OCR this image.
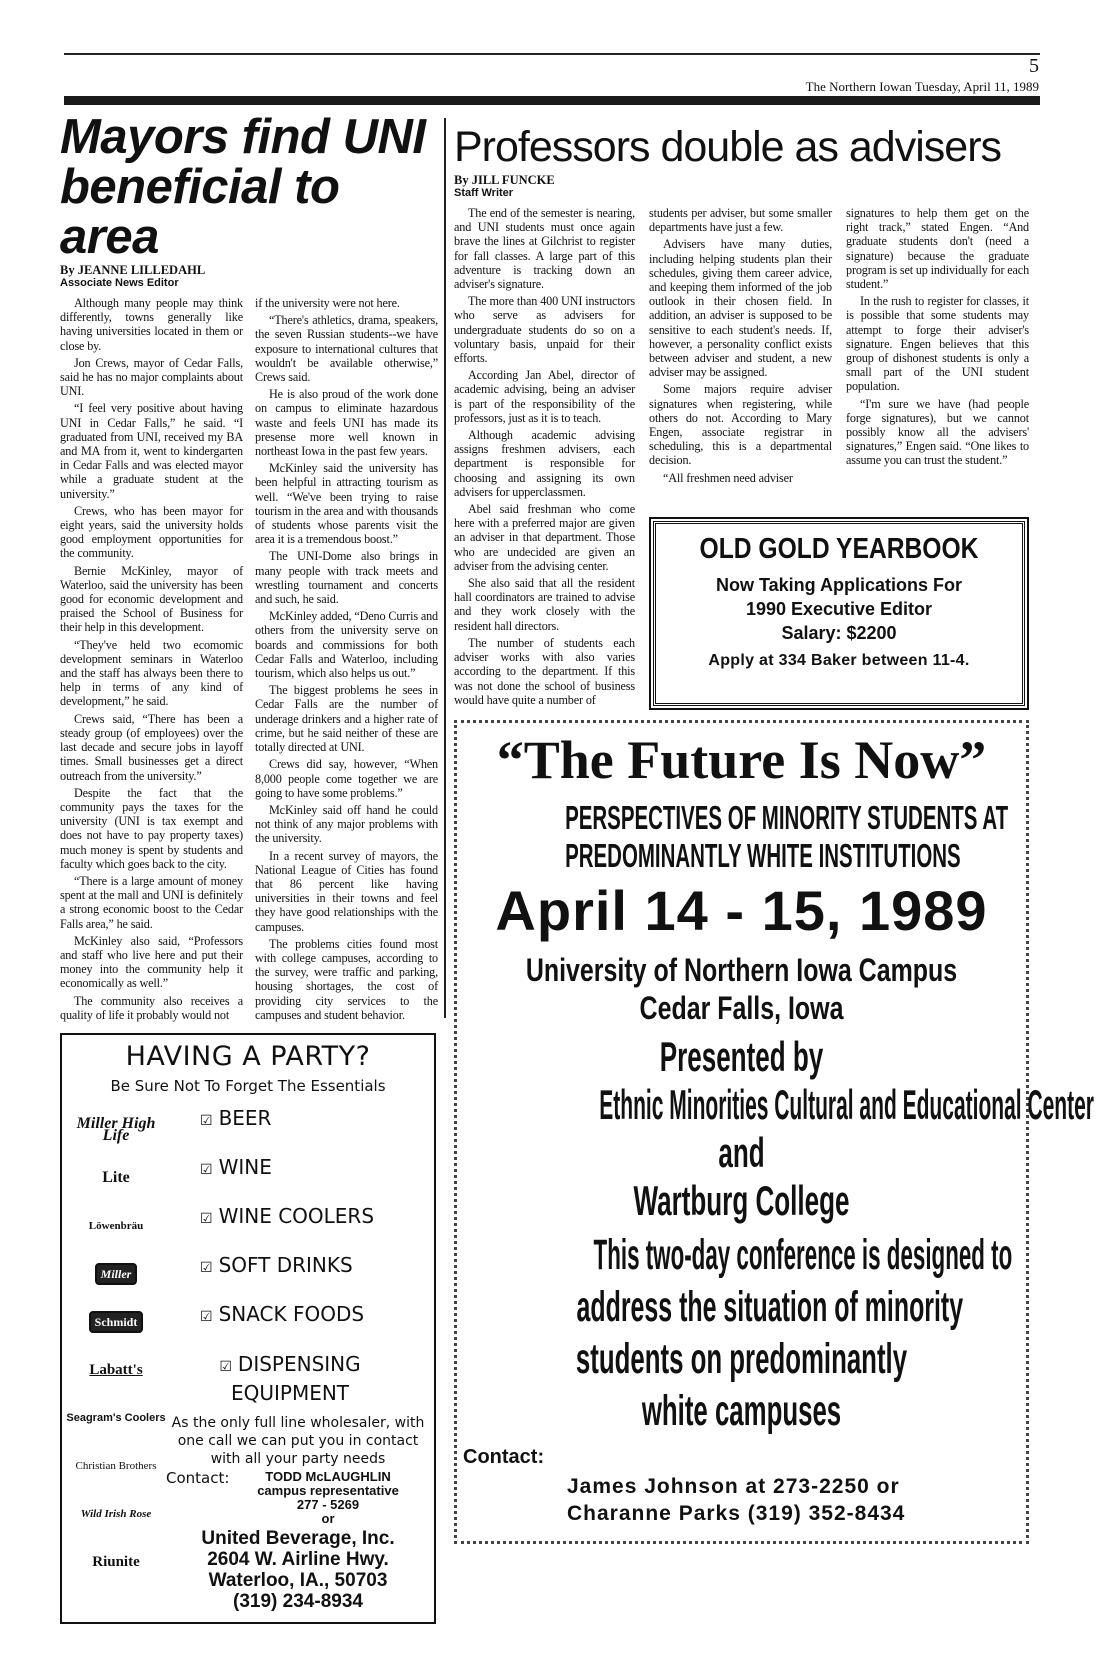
5
The Northern Iowan Tuesday, April 11, 1989
Mayors find UNI beneficial to area
By JEANNE LILLEDAHL
Associate News Editor

Although many people may think differently, towns generally like having universities located in them or close by.

Jon Crews, mayor of Cedar Falls, said he has no major complaints about UNI.

“I feel very positive about having UNI in Cedar Falls,” he said. “I graduated from UNI, received my BA and MA from it, went to kindergarten in Cedar Falls and was elected mayor while a graduate student at the university.”

Crews, who has been mayor for eight years, said the university holds good employment opportunities for the community.

Bernie McKinley, mayor of Waterloo, said the university has been good for economic development and praised the School of Business for their help in this development.

“They've held two ecomomic development seminars in Waterloo and the staff has always been there to help in terms of any kind of development,” he said.

Crews said, “There has been a steady group (of employees) over the last decade and secure jobs in layoff times. Small businesses get a direct outreach from the university.”

Despite the fact that the community pays the taxes for the university (UNI is tax exempt and does not have to pay property taxes) much money is spent by students and faculty which goes back to the city.

“There is a large amount of money spent at the mall and UNI is definitely a strong economic boost to the Cedar Falls area,” he said.

McKinley also said, “Professors and staff who live here and put their money into the community help it economically as well.”

The community also receives a quality of life it probably would not

if the university were not here.

“There's athletics, drama, speakers, the seven Russian students--we have exposure to international cultures that wouldn't be available otherwise,” Crews said.

He is also proud of the work done on campus to eliminate hazardous waste and feels UNI has made its presense more well known in northeast Iowa in the past few years.

McKinley said the university has been helpful in attracting tourism as well. “We've been trying to raise tourism in the area and with thousands of students whose parents visit the area it is a tremendous boost.”

The UNI-Dome also brings in many people with track meets and wrestling tournament and concerts and such, he said.

McKinley added, “Deno Curris and others from the university serve on boards and commissions for both Cedar Falls and Waterloo, including tourism, which also helps us out.”

The biggest problems he sees in Cedar Falls are the number of underage drinkers and a higher rate of crime, but he said neither of these are totally directed at UNI.

Crews did say, however, “When 8,000 people come together we are going to have some problems.”

McKinley said off hand he could not think of any major problems with the university.

In a recent survey of mayors, the National League of Cities has found that 86 percent like having universities in their towns and feel they have good relationships with the campuses.

The problems cities found most with college campuses, according to the survey, were traffic and parking, housing shortages, the cost of providing city services to the campuses and student behavior.

HAVING A PARTY?
Be Sure Not To Forget The Essentials
Miller High Life
Lite
Löwenbräu
Miller
Schmidt
Labatt's
Seagram's Coolers
Christian Brothers
Wild Irish Rose
Riunite
☑ BEER
☑ WINE
☑ WINE COOLERS
☑ SOFT DRINKS
☑ SNACK FOODS
☑ DISPENSING EQUIPMENT
As the only full line wholesaler, with one call we can put you in contact with all your party needs
Contact:	TODD McLAUGHLIN
campus representative
277 - 5269
or
United Beverage, Inc.
2604 W. Airline Hwy.
Waterloo, IA., 50703
(319) 234-8934
Professors double as advisers
By JILL FUNCKE
Staff Writer

The end of the semester is nearing, and UNI students must once again brave the lines at Gilchrist to register for fall classes. A large part of this adventure is tracking down an adviser's signature.

The more than 400 UNI instructors who serve as advisers for undergraduate students do so on a voluntary basis, unpaid for their efforts.

According Jan Abel, director of academic advising, being an adviser is part of the responsibility of the professors, just as it is to teach.

Although academic advising assigns freshmen advisers, each department is responsible for choosing and assigning its own advisers for upperclassmen.

Abel said freshman who come here with a preferred major are given an adviser in that department. Those who are undecided are given an adviser from the advising center.

She also said that all the resident hall coordinators are trained to advise and they work closely with the resident hall directors.

The number of students each adviser works with also varies according to the department. If this was not done the school of business would have quite a number of

students per adviser, but some smaller departments have just a few.

Advisers have many duties, including helping students plan their schedules, giving them career advice, and keeping them informed of the job outlook in their chosen field. In addition, an adviser is supposed to be sensitive to each student's needs. If, however, a personality conflict exists between adviser and student, a new adviser may be assigned.

Some majors require adviser signatures when registering, while others do not. According to Mary Engen, associate registrar in scheduling, this is a departmental decision.

“All freshmen need adviser

signatures to help them get on the right track,” stated Engen. “And graduate students don't (need a signature) because the graduate program is set up individually for each student.”

In the rush to register for classes, it is possible that some students may attempt to forge their adviser's signature. Engen believes that this group of dishonest students is only a small part of the UNI student population.

“I'm sure we have (had people forge signatures), but we cannot possibly know all the advisers' signatures,” Engen said. “One likes to assume you can trust the student.”

OLD GOLD YEARBOOK
Now Taking Applications For
1990 Executive Editor
Salary: $2200
Apply at 334 Baker between 11-4.
“The Future Is Now”
PERSPECTIVES OF MINORITY STUDENTS AT
PREDOMINANTLY WHITE INSTITUTIONS
April 14 - 15, 1989
University of Northern Iowa Campus
Cedar Falls, Iowa
Presented by
Ethnic Minorities Cultural and Educational Center
and
Wartburg College
This two-day conference is designed to
address the situation of minority
students on predominantly
white campuses
Contact:
James Johnson at 273-2250 or
Charanne Parks (319) 352-8434
